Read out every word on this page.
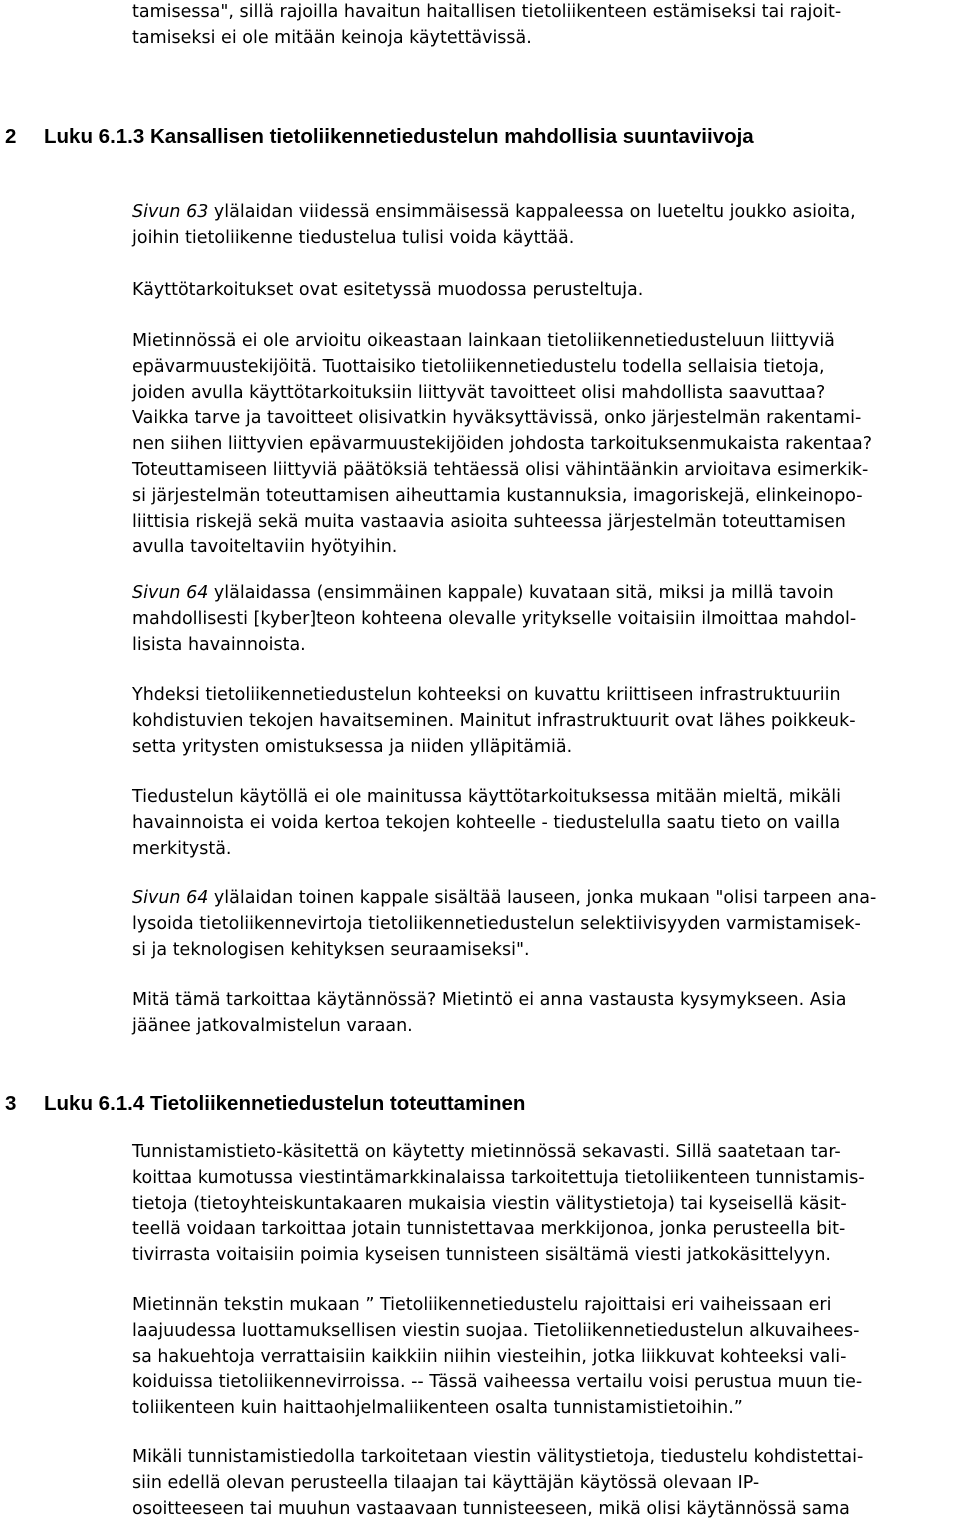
tamisessa", sillä rajoilla havaitun haitallisen tietoliikenteen estämiseksi tai rajoit-
tamiseksi ei ole mitään keinoja käytettävissä.
2 Luku 6.1.3 Kansallisen tietoliikennetiedustelun mahdollisia suuntaviivoja
Sivun 63 ylälaidan viidessä ensimmäisessä kappaleessa on lueteltu joukko asioita,
joihin tietoliikenne tiedustelua tulisi voida käyttää.
Käyttötarkoitukset ovat esitetyssä muodossa perusteltuja.
Mietinnössä ei ole arvioitu oikeastaan lainkaan tietoliikennetiedusteluun liittyviä
epävarmuustekijöitä. Tuottaisiko tietoliikennetiedustelu todella sellaisia tietoja,
joiden avulla käyttötarkoituksiin liittyvät tavoitteet olisi mahdollista saavuttaa?
Vaikka tarve ja tavoitteet olisivatkin hyväksyttävissä, onko järjestelmän rakentami-
nen siihen liittyvien epävarmuustekijöiden johdosta tarkoituksenmukaista rakentaa?
Toteuttamiseen liittyviä päätöksiä tehtäessä olisi vähintäänkin arvioitava esimerkik-
si järjestelmän toteuttamisen aiheuttamia kustannuksia, imagoriskejä, elinkeinopo-
liittisia riskejä sekä muita vastaavia asioita suhteessa järjestelmän toteuttamisen
avulla tavoiteltaviin hyötyihin.
Sivun 64 ylälaidassa (ensimmäinen kappale) kuvataan sitä, miksi ja millä tavoin
mahdollisesti [kyber]teon kohteena olevalle yritykselle voitaisiin ilmoittaa mahdol-
lisista havainnoista.
Yhdeksi tietoliikennetiedustelun kohteeksi on kuvattu kriittiseen infrastruktuuriin
kohdistuvien tekojen havaitseminen. Mainitut infrastruktuurit ovat lähes poikkeuk-
setta yritysten omistuksessa ja niiden ylläpitämiä.
Tiedustelun käytöllä ei ole mainitussa käyttötarkoituksessa mitään mieltä, mikäli
havainnoista ei voida kertoa tekojen kohteelle - tiedustelulla saatu tieto on vailla
merkitystä.
Sivun 64 ylälaidan toinen kappale sisältää lauseen, jonka mukaan "olisi tarpeen ana-
lysoida tietoliikennevirtoja tietoliikennetiedustelun selektiivisyyden varmistamisek-
si ja teknologisen kehityksen seuraamiseksi".
Mitä tämä tarkoittaa käytännössä? Mietintö ei anna vastausta kysymykseen. Asia
jäänee jatkovalmistelun varaan.
3 Luku 6.1.4 Tietoliikennetiedustelun toteuttaminen
Tunnistamistieto-käsitettä on käytetty mietinnössä sekavasti. Sillä saatetaan tar-
koittaa kumotussa viestintämarkkinalaissa tarkoitettuja tietoliikenteen tunnistamis-
tietoja (tietoyhteiskuntakaaren mukaisia viestin välitystietoja) tai kyseisellä käsit-
teellä voidaan tarkoittaa jotain tunnistettavaa merkkijonoa, jonka perusteella bit-
tivirrasta voitaisiin poimia kyseisen tunnisteen sisältämä viesti jatkokäsittelyyn.
Mietinnän tekstin mukaan ” Tietoliikennetiedustelu rajoittaisi eri vaiheissaan eri
laajuudessa luottamuksellisen viestin suojaa. Tietoliikennetiedustelun alkuvaihees-
sa hakuehtoja verrattaisiin kaikkiin niihin viesteihin, jotka liikkuvat kohteeksi vali-
koiduissa tietoliikennevirroissa. -- Tässä vaiheessa vertailu voisi perustua muun tie-
toliikenteen kuin haittaohjelmaliikenteen osalta tunnistamistietoihin.”
Mikäli tunnistamistiedolla tarkoitetaan viestin välitystietoja, tiedustelu kohdistettai-
siin edellä olevan perusteella tilaajan tai käyttäjän käytössä olevaan IP-
osoitteeseen tai muuhun vastaavaan tunnisteeseen, mikä olisi käytännössä sama
